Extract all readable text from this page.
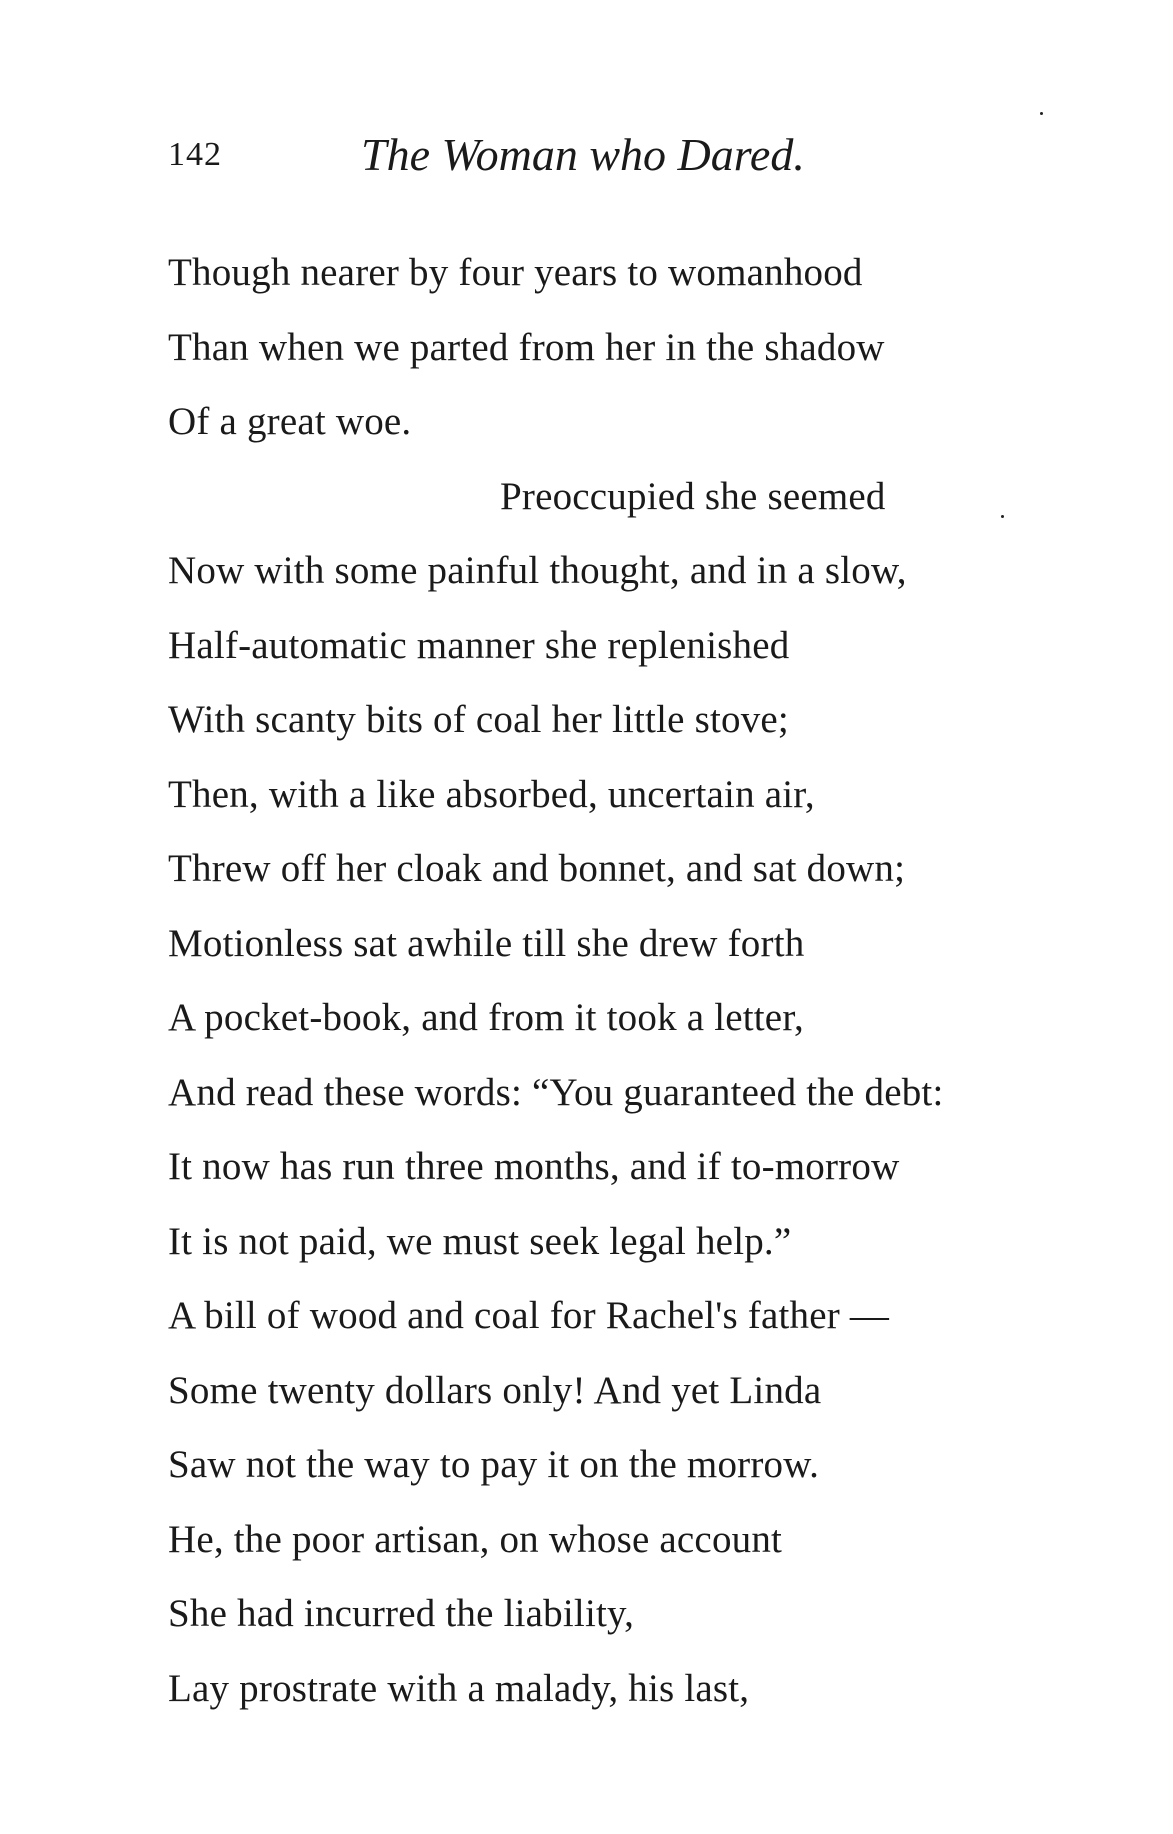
142	The Woman who Dared.
Though nearer by four years to womanhood
Than when we parted from her in the shadow
Of a great woe.
Preoccupied she seemed
Now with some painful thought, and in a slow,
Half-automatic manner she replenished
With scanty bits of coal her little stove;
Then, with a like absorbed, uncertain air,
Threw off her cloak and bonnet, and sat down;
Motionless sat awhile till she drew forth
A pocket-book, and from it took a letter,
And read these words: “You guaranteed the debt:
It now has run three months, and if to-morrow
It is not paid, we must seek legal help.”
A bill of wood and coal for Rachel's father —
Some twenty dollars only! And yet Linda
Saw not the way to pay it on the morrow.
He, the poor artisan, on whose account
She had incurred the liability,
Lay prostrate with a malady, his last,
